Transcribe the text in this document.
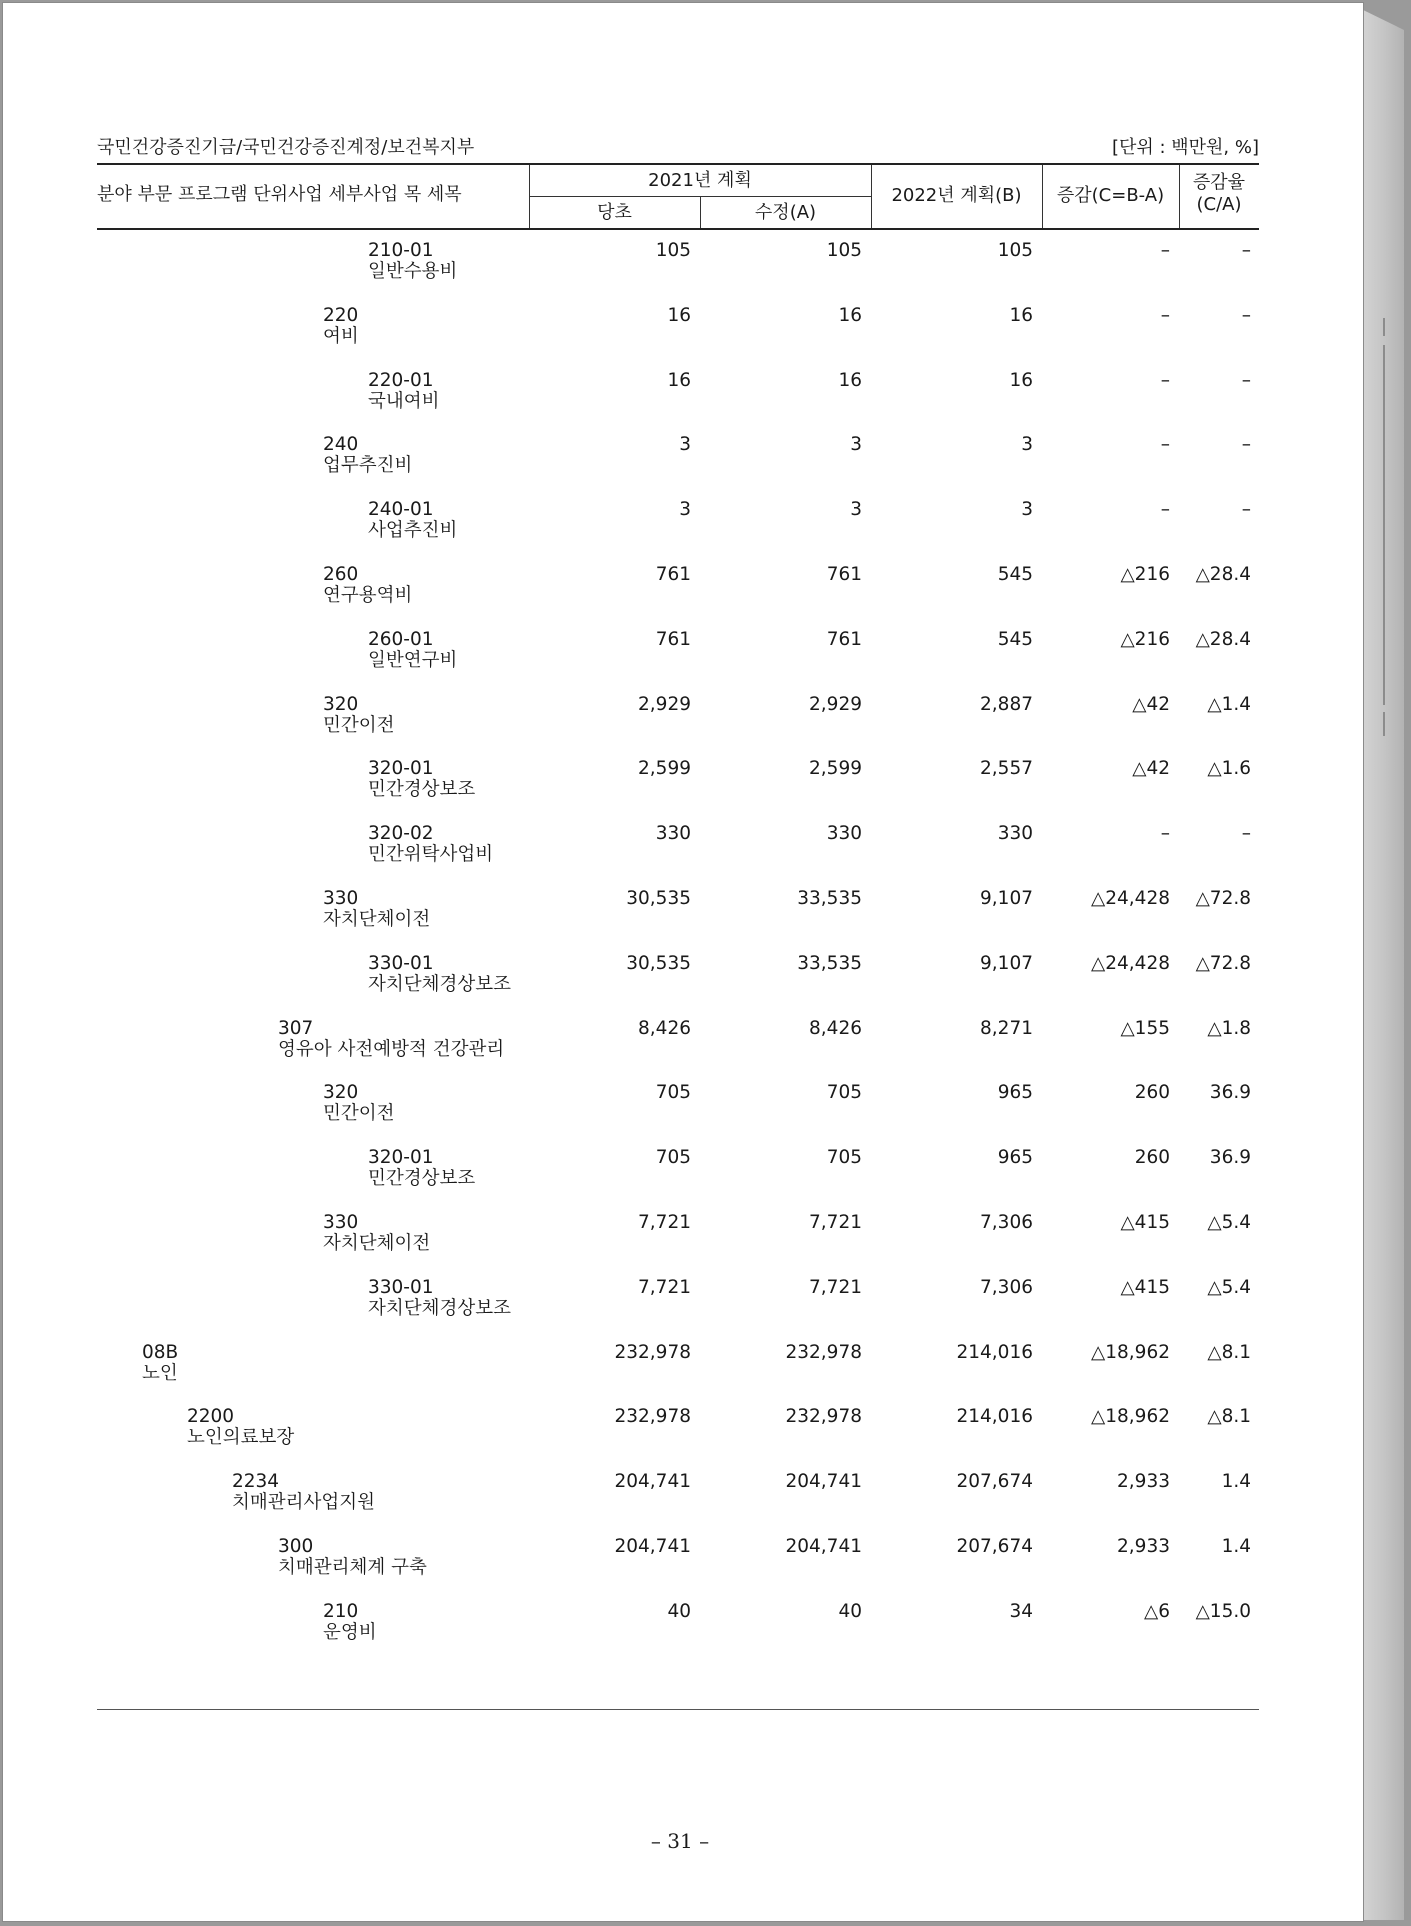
국민건강증진기금/국민건강증진계정/보건복지부	[단위 : 백만원, %]
분야 부문 프로그램 단위사업 세부사업 목 세목
2021년 계획
당초	수정(A)
2022년 계획(B)	증감(C=B-A)
증감율
(C/A)
210-01
일반수용비
105	105	105	–	–
220
여비
16	16	16	–	–
220-01
국내여비
16	16	16	–	–
240
업무추진비
3	3	3	–	–
240-01
사업추진비
3	3	3	–	–
260
연구용역비
761	761	545	△216 △28.4
260-01
일반연구비
761	761	545	△216 △28.4
320
민간이전
2,929	2,929	2,887	△42 △1.4
320-01
민간경상보조
2,599	2,599	2,557	△42 △1.6
320-02
민간위탁사업비
330	330	330	–	–
330
자치단체이전
30,535	33,535	9,107	△24,428 △72.8
330-01
자치단체경상보조
30,535	33,535	9,107	△24,428 △72.8
307
영유아 사전예방적 건강관리
8,426	8,426	8,271	△155 △1.8
320
민간이전
705	705	965	260 36.9
320-01
민간경상보조
705	705	965	260 36.9
330
자치단체이전
7,721	7,721	7,306	△415 △5.4
330-01
자치단체경상보조
7,721	7,721	7,306	△415 △5.4
08B
노인
232,978	232,978	214,016	△18,962 △8.1
2200
노인의료보장
232,978	232,978	214,016	△18,962 △8.1
2234
치매관리사업지원
204,741	204,741	207,674	2,933	1.4
300
치매관리체계 구축
204,741	204,741	207,674	2,933	1.4
210
운영비
40	40	34	△6 △15.0
– 31 –
